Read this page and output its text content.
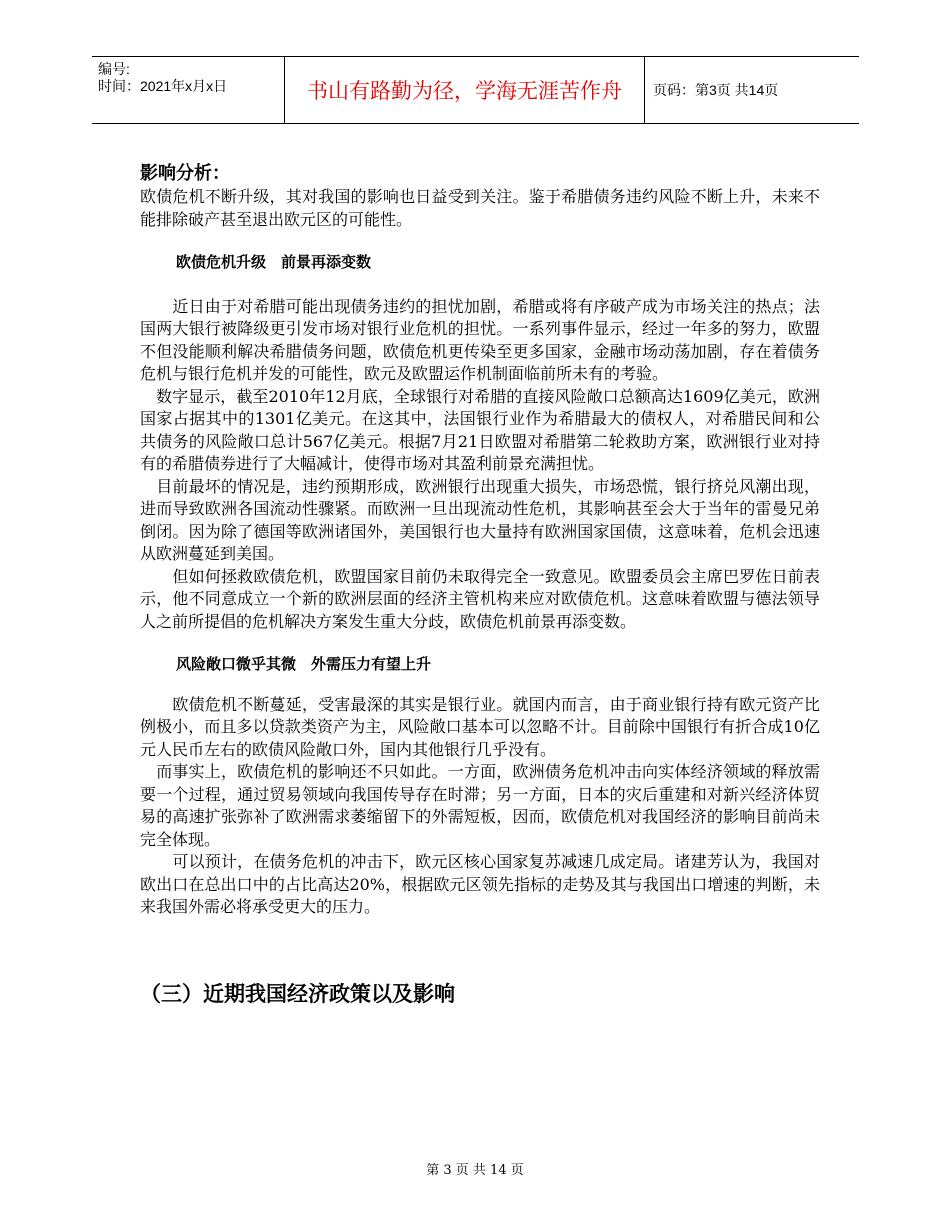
编号:
时间：2021年x月x日	书山有路勤为径，学海无涯苦作舟	页码：第3页 共14页

影响分析：

欧债危机不断升级，其对我国的影响也日益受到关注。鉴于希腊债务违约风险不断上升，未来不能排除破产甚至退出欧元区的可能性。

欧债危机升级　前景再添变数

　　近日由于对希腊可能出现债务违约的担忧加剧，希腊或将有序破产成为市场关注的热点；法国两大银行被降级更引发市场对银行业危机的担忧。一系列事件显示，经过一年多的努力，欧盟不但没能顺利解决希腊债务问题，欧债危机更传染至更多国家，金融市场动荡加剧，存在着债务危机与银行危机并发的可能性，欧元及欧盟运作机制面临前所未有的考验。

　数字显示，截至2010年12月底，全球银行对希腊的直接风险敞口总额高达1609亿美元，欧洲国家占据其中的1301亿美元。在这其中，法国银行业作为希腊最大的债权人，对希腊民间和公共债务的风险敞口总计567亿美元。根据7月21日欧盟对希腊第二轮救助方案，欧洲银行业对持有的希腊债券进行了大幅减计，使得市场对其盈利前景充满担忧。

　目前最坏的情况是，违约预期形成，欧洲银行出现重大损失，市场恐慌，银行挤兑风潮出现，进而导致欧洲各国流动性骤紧。而欧洲一旦出现流动性危机，其影响甚至会大于当年的雷曼兄弟倒闭。因为除了德国等欧洲诸国外，美国银行也大量持有欧洲国家国债，这意味着，危机会迅速从欧洲蔓延到美国。

　　但如何拯救欧债危机，欧盟国家目前仍未取得完全一致意见。欧盟委员会主席巴罗佐日前表示，他不同意成立一个新的欧洲层面的经济主管机构来应对欧债危机。这意味着欧盟与德法领导人之前所提倡的危机解决方案发生重大分歧，欧债危机前景再添变数。

风险敞口微乎其微　外需压力有望上升

　　欧债危机不断蔓延，受害最深的其实是银行业。就国内而言，由于商业银行持有欧元资产比例极小，而且多以贷款类资产为主，风险敞口基本可以忽略不计。目前除中国银行有折合成10亿元人民币左右的欧债风险敞口外，国内其他银行几乎没有。

　而事实上，欧债危机的影响还不只如此。一方面，欧洲债务危机冲击向实体经济领域的释放需要一个过程，通过贸易领域向我国传导存在时滞；另一方面，日本的灾后重建和对新兴经济体贸易的高速扩张弥补了欧洲需求萎缩留下的外需短板，因而，欧债危机对我国经济的影响目前尚未完全体现。

　　可以预计，在债务危机的冲击下，欧元区核心国家复苏减速几成定局。诸建芳认为，我国对欧出口在总出口中的占比高达20%，根据欧元区领先指标的走势及其与我国出口增速的判断，未来我国外需必将承受更大的压力。

（三）近期我国经济政策以及影响

第 3 页 共 14 页
